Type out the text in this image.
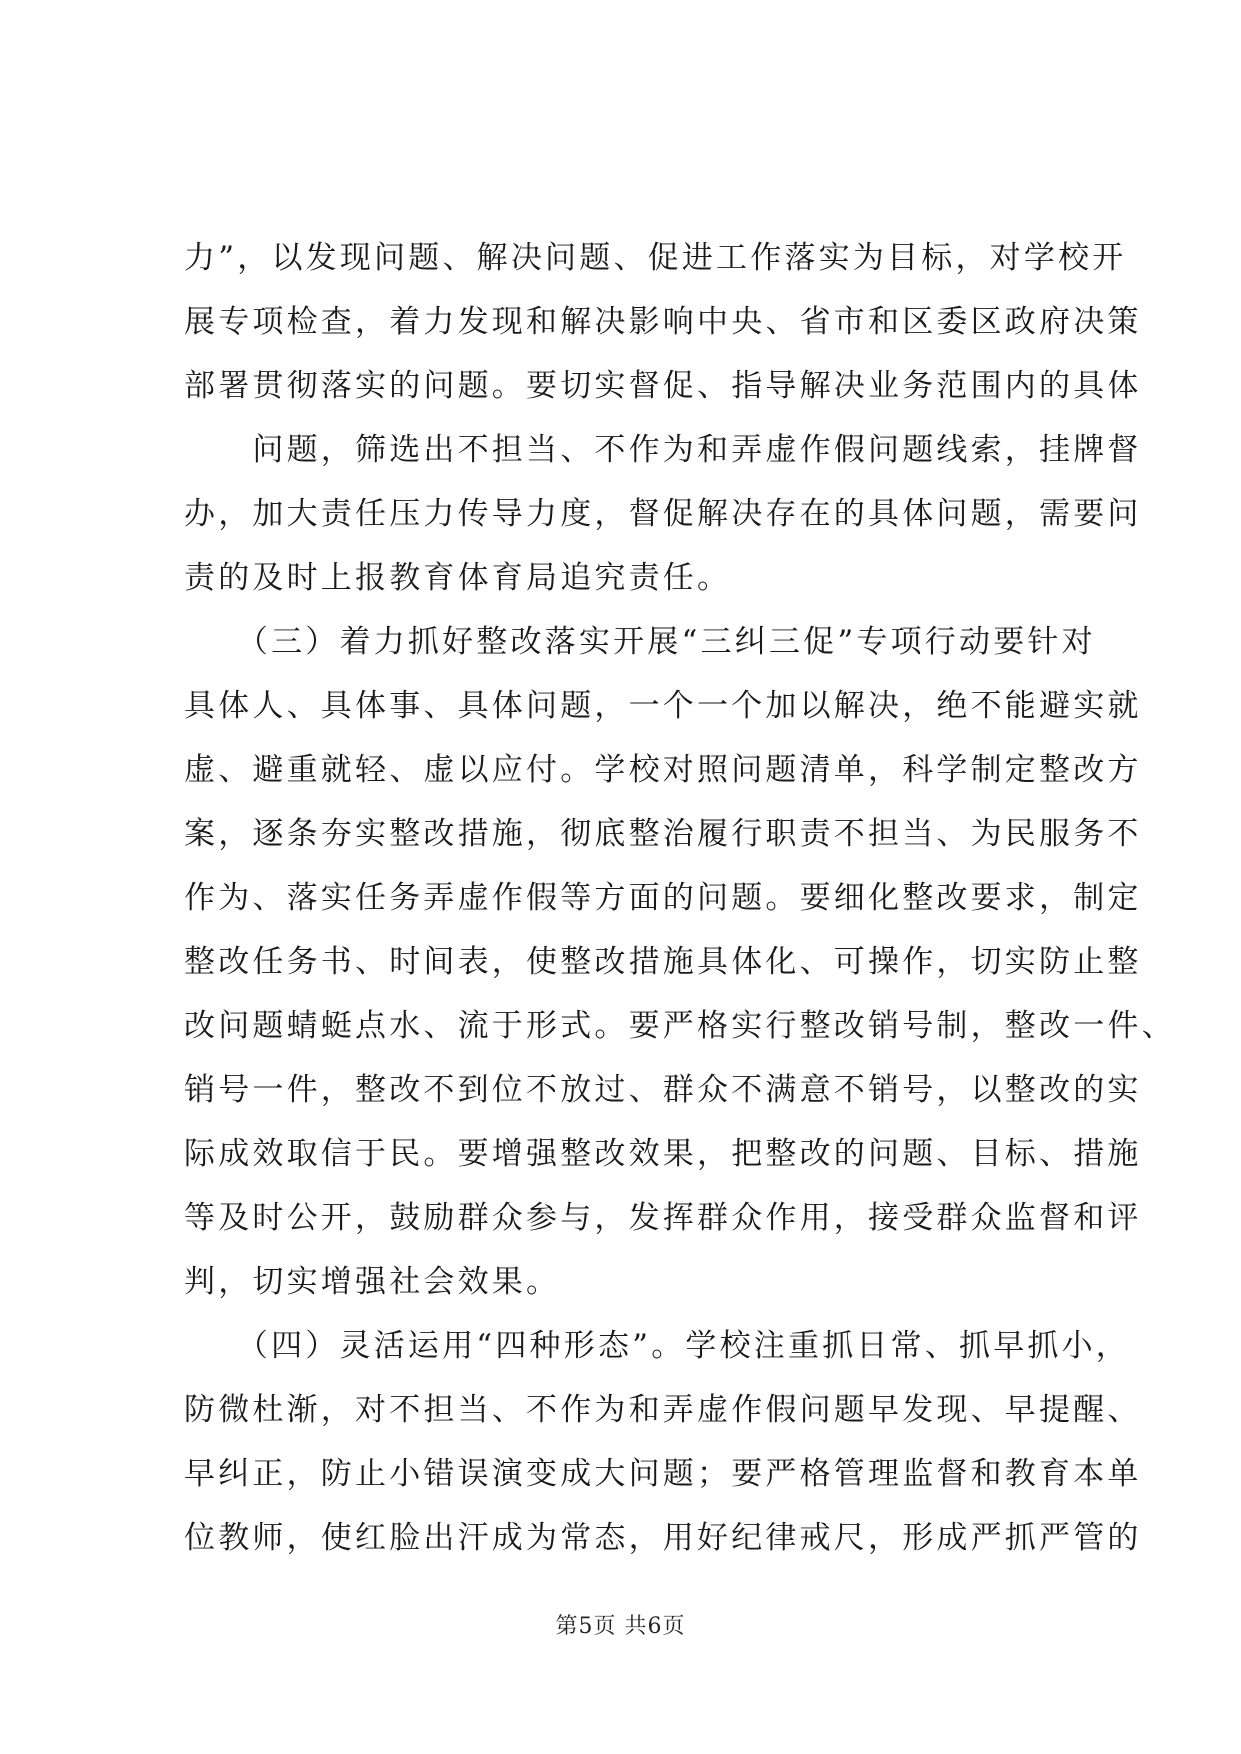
力”，以发现问题、解决问题、促进工作落实为目标，对学校开
展专项检查，着力发现和解决影响中央、省市和区委区政府决策
部署贯彻落实的问题。要切实督促、指导解决业务范围内的具体
　　问题，筛选出不担当、不作为和弄虚作假问题线索，挂牌督
办，加大责任压力传导力度，督促解决存在的具体问题，需要问
责的及时上报教育体育局追究责任。
　　（三）着力抓好整改落实开展“三纠三促”专项行动要针对
具体人、具体事、具体问题，一个一个加以解决，绝不能避实就
虚、避重就轻、虚以应付。学校对照问题清单，科学制定整改方
案，逐条夯实整改措施，彻底整治履行职责不担当、为民服务不
作为、落实任务弄虚作假等方面的问题。要细化整改要求，制定
整改任务书、时间表，使整改措施具体化、可操作，切实防止整
改问题蜻蜓点水、流于形式。要严格实行整改销号制，整改一件、
销号一件，整改不到位不放过、群众不满意不销号，以整改的实
际成效取信于民。要增强整改效果，把整改的问题、目标、措施
等及时公开，鼓励群众参与，发挥群众作用，接受群众监督和评
判，切实增强社会效果。
　　（四）灵活运用“四种形态”。学校注重抓日常、抓早抓小，
防微杜渐，对不担当、不作为和弄虚作假问题早发现、早提醒、
早纠正，防止小错误演变成大问题；要严格管理监督和教育本单
位教师，使红脸出汗成为常态，用好纪律戒尺，形成严抓严管的
第5页 共6页
